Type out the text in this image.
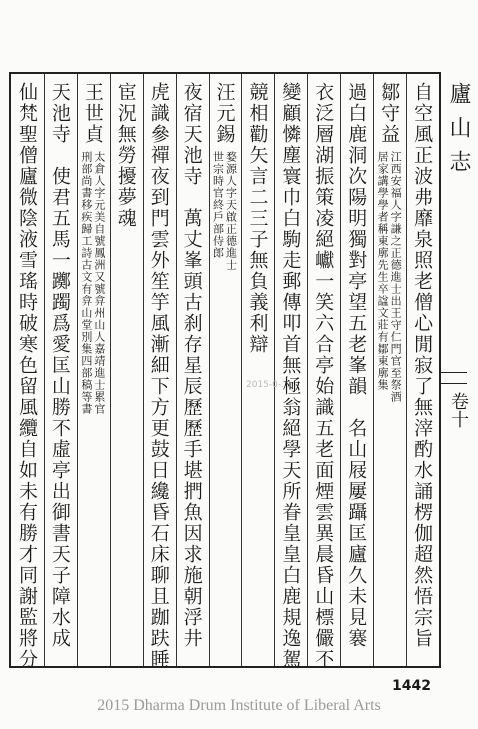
自空風正波弗靡泉照老僧心閒寂了無滓酌水誦楞伽超然悟宗旨
鄒守益
江西安福人字謙之正德進士出王守仁門官至祭酒
居家講學學者稱東廓先生卒諡文莊有鄒東廓集
過白鹿洞次陽明獨對亭望五老峯韻　名山屐屢躡匡廬久未見褰
衣泛層湖振策凌絕巘一笑六合亭始識五老面煙雲異晨昏山標儼不
變顧憐塵寰巾白駒走郵傳叩首無極翁絕學天所眷皇皇白鹿規逸駕
競相勸矢言二三子無負義利辯
汪元錫
婺源人字天啟正德進士
世宗時官終戶部侍郎
夜宿天池寺　萬丈峯頭古刹存星辰歷歷手堪捫魚因求施朝浮井
虎識參禪夜到門雲外笙竽風漸細下方更鼓日纔昏石床聊且跏趺睡
宦況無勞擾夢魂
王世貞
太倉人字元美自號鳳洲又號弇州山人嘉靖進士累官
刑部尚書移疾歸工詩古文有弇山堂別集四部稿等書
天池寺　使君五馬一躑躅爲愛匡山勝不虛亭出御書天子障水成
仙梵聖僧廬微陰液雪瑤時破寒色留風纜自如未有勝才同謝監將分	廬山志
卷十
2015-0-...
1442
2015 Dharma Drum Institute of Liberal Arts
